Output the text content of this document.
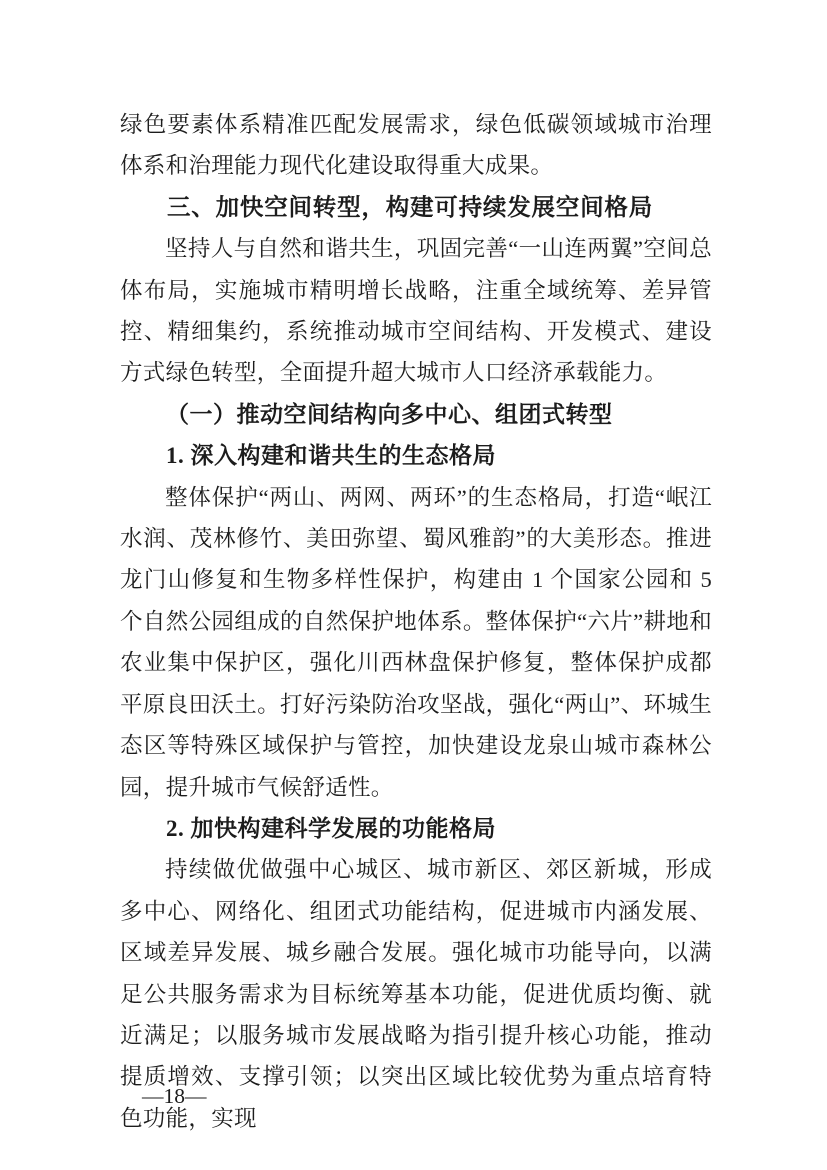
绿色要素体系精准匹配发展需求，绿色低碳领域城市治理体系和治理能力现代化建设取得重大成果。

三、加快空间转型，构建可持续发展空间格局

坚持人与自然和谐共生，巩固完善“一山连两翼”空间总体布局，实施城市精明增长战略，注重全域统筹、差异管控、精细集约，系统推动城市空间结构、开发模式、建设方式绿色转型，全面提升超大城市人口经济承载能力。

（一）推动空间结构向多中心、组团式转型
1. 深入构建和谐共生的生态格局

整体保护“两山、两网、两环”的生态格局，打造“岷江水润、茂林修竹、美田弥望、蜀风雅韵”的大美形态。推进龙门山修复和生物多样性保护，构建由 1 个国家公园和 5 个自然公园组成的自然保护地体系。整体保护“六片”耕地和农业集中保护区，强化川西林盘保护修复，整体保护成都平原良田沃土。打好污染防治攻坚战，强化“两山”、环城生态区等特殊区域保护与管控，加快建设龙泉山城市森林公园，提升城市气候舒适性。

2. 加快构建科学发展的功能格局

持续做优做强中心城区、城市新区、郊区新城，形成多中心、网络化、组团式功能结构，促进城市内涵发展、区域差异发展、城乡融合发展。强化城市功能导向，以满足公共服务需求为目标统筹基本功能，促进优质均衡、就近满足；以服务城市发展战略为指引提升核心功能，推动提质增效、支撑引领；以突出区域比较优势为重点培育特色功能，实现

—18—
